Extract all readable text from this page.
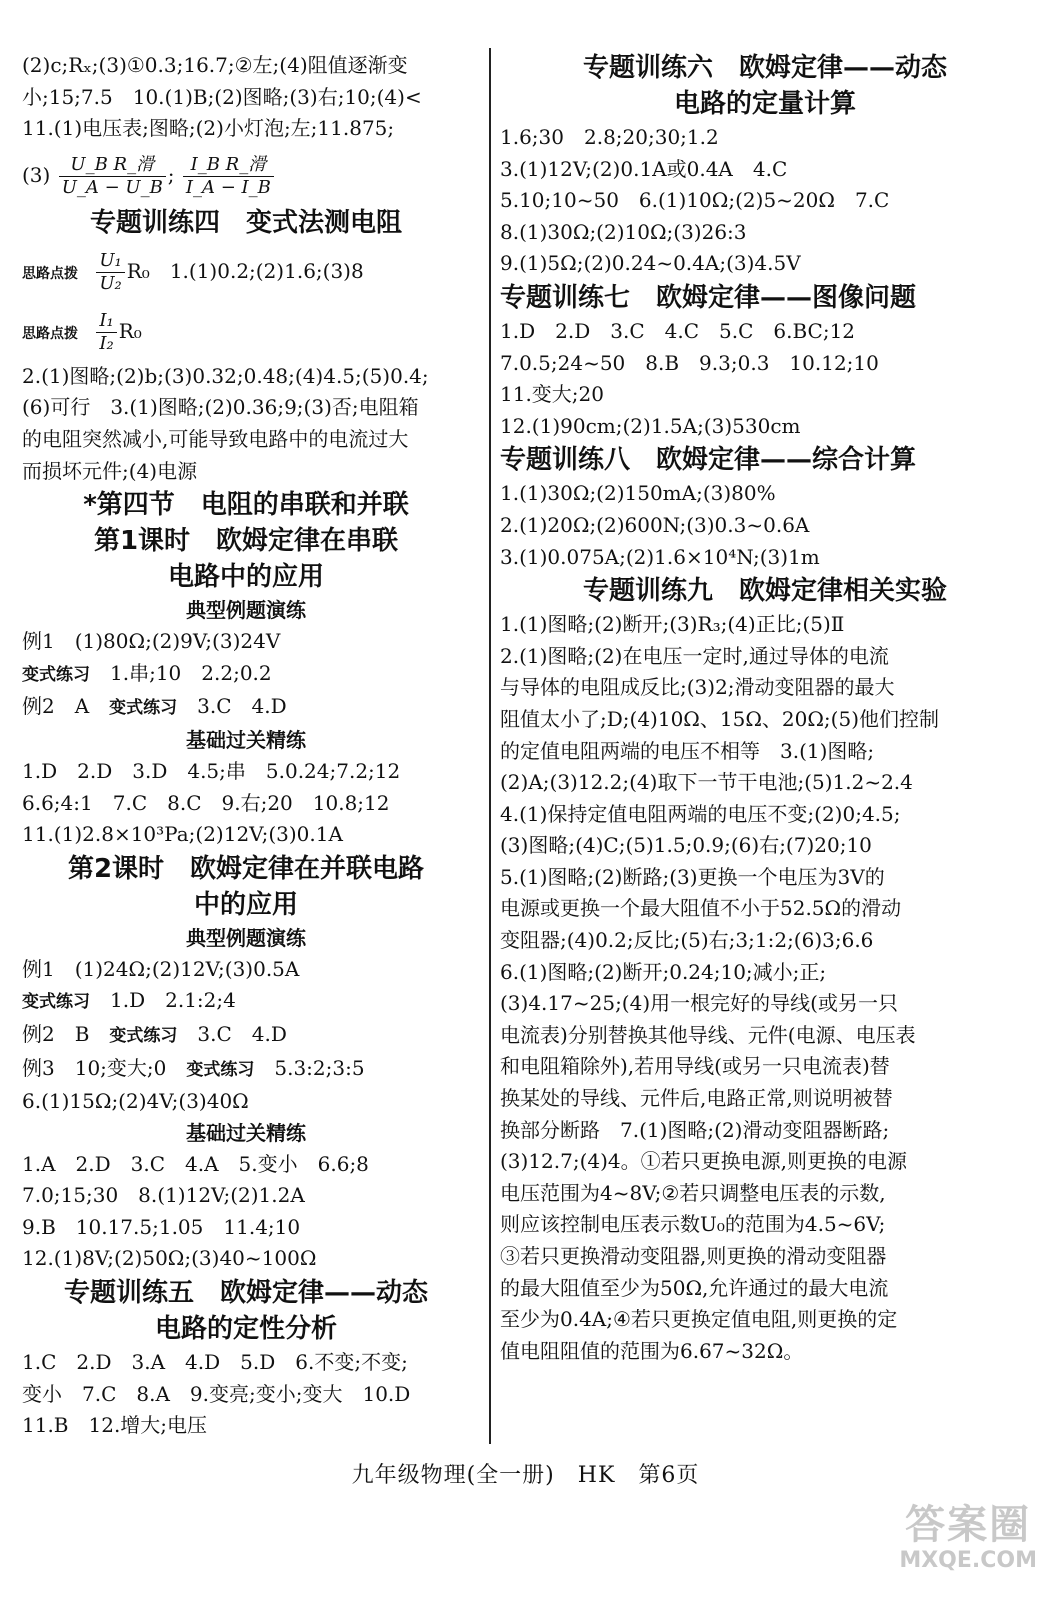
(2)c;Rₓ;(3)①0.3;16.7;②左;(4)阻值逐渐变
小;15;7.5　10.(1)B;(2)图略;(3)右;10;(4)<
11.(1)电压表;图略;(2)小灯泡;左;11.875;
$(3) \frac{\text{U\_B R\_滑}}{U\_A - U\_B}$ ; $\frac{\text{I\_B R\_滑}}{I\_A - I\_B}$
专题训练四　变式法测电阻
思路点拨 $\frac{\text{U₁}}{\text{U₂}} R_0$　1.(1)0.2;(2)1.6;(3)8
思路点拨 $\frac{\text{I₁}}{\text{I₂}} R_0$
2.(1)图略;(2)b;(3)0.32;0.48;(4)4.5;(5)0.4;
(6)可行　3.(1)图略;(2)0.36;9;(3)否;电阻箱
的电阻突然减小,可能导致电路中的电流过大
而损坏元件;(4)电源
*第四节　电阻的串联和并联
第1课时　欧姆定律在串联
电路中的应用
典型例题演练
例1　(1)80Ω;(2)9V;(3)24V
变式练习　1.串;10　2.2;0.2
例2　A　变式练习　3.C　4.D
基础过关精练
1.D　2.D　3.D　4.5;串　5.0.24;7.2;12
6.6;4:1　7.C　8.C　9.右;20　10.8;12
11.(1)2.8×10³Pa;(2)12V;(3)0.1A
第2课时　欧姆定律在并联电路
中的应用
典型例题演练
例1　(1)24Ω;(2)12V;(3)0.5A
变式练习　1.D　2.1:2;4
例2　B　变式练习　3.C　4.D
例3　10;变大;0　变式练习　5.3:2;3:5
6.(1)15Ω;(2)4V;(3)40Ω
基础过关精练
1.A　2.D　3.C　4.A　5.变小　6.6;8
7.0;15;30　8.(1)12V;(2)1.2A
9.B　10.17.5;1.05　11.4;10
12.(1)8V;(2)50Ω;(3)40~100Ω
专题训练五　欧姆定律——动态
电路的定性分析
1.C　2.D　3.A　4.D　5.D　6.不变;不变;
变小　7.C　8.A　9.变亮;变小;变大　10.D
11.B　12.增大;电压
专题训练六　欧姆定律——动态
电路的定量计算
1.6;30　2.8;20;30;1.2
3.(1)12V;(2)0.1A或0.4A　4.C
5.10;10~50　6.(1)10Ω;(2)5~20Ω　7.C
8.(1)30Ω;(2)10Ω;(3)26:3
9.(1)5Ω;(2)0.24~0.4A;(3)4.5V
专题训练七　欧姆定律——图像问题
1.D　2.D　3.C　4.C　5.C　6.BC;12
7.0.5;24~50　8.B　9.3;0.3　10.12;10
11.变大;20
12.(1)90cm;(2)1.5A;(3)530cm
专题训练八　欧姆定律——综合计算
1.(1)30Ω;(2)150mA;(3)80%
2.(1)20Ω;(2)600N;(3)0.3~0.6A
3.(1)0.075A;(2)1.6×10⁴N;(3)1m
专题训练九　欧姆定律相关实验
1.(1)图略;(2)断开;(3)R₃;(4)正比;(5)Ⅱ
2.(1)图略;(2)在电压一定时,通过导体的电流
与导体的电阻成反比;(3)2;滑动变阻器的最大
阻值太小了;D;(4)10Ω、15Ω、20Ω;(5)他们控制
的定值电阻两端的电压不相等　3.(1)图略;
(2)A;(3)12.2;(4)取下一节干电池;(5)1.2~2.4
4.(1)保持定值电阻两端的电压不变;(2)0;4.5;
(3)图略;(4)C;(5)1.5;0.9;(6)右;(7)20;10
5.(1)图略;(2)断路;(3)更换一个电压为3V的
电源或更换一个最大阻值不小于52.5Ω的滑动
变阻器;(4)0.2;反比;(5)右;3;1:2;(6)3;6.6
6.(1)图略;(2)断开;0.24;10;减小;正;
(3)4.17~25;(4)用一根完好的导线(或另一只
电流表)分别替换其他导线、元件(电源、电压表
和电阻箱除外),若用导线(或另一只电流表)替
换某处的导线、元件后,电路正常,则说明被替
换部分断路　7.(1)图略;(2)滑动变阻器断路;
(3)12.7;(4)4。①若只更换电源,则更换的电源
电压范围为4~8V;②若只调整电压表的示数,
则应该控制电压表示数U₀的范围为4.5~6V;
③若只更换滑动变阻器,则更换的滑动变阻器
的最大阻值至少为50Ω,允许通过的最大电流
至少为0.4A;④若只更换定值电阻,则更换的定
值电阻阻值的范围为6.67~32Ω。
九年级物理(全一册)　HK　第6页
答案圈
MXQE.COM
